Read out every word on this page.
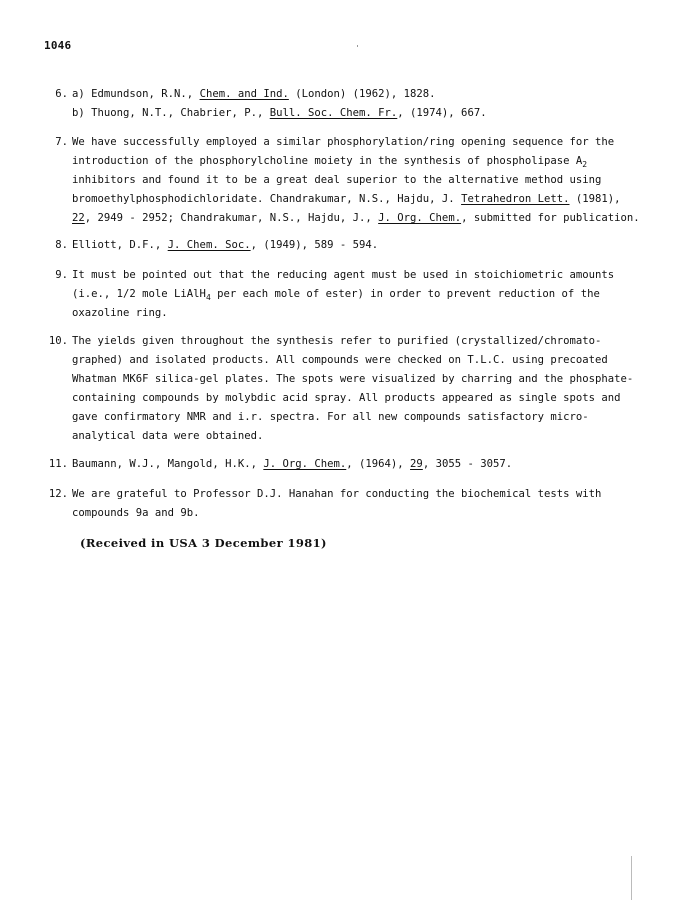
1046
6. a) Edmundson, R.N., Chem. and Ind. (London) (1962), 1828.
b) Thuong, N.T., Chabrier, P., Bull. Soc. Chem. Fr., (1974), 667.
7. We have successfully employed a similar phosphorylation/ring opening sequence for the
introduction of the phosphorylcholine moiety in the synthesis of phospholipase $A_2$
inhibitors and found it to be a great deal superior to the alternative method using
bromoethylphosphodichloridate. Chandrakumar, N.S., Hajdu, J. Tetrahedron Lett. (1981),
22, 2949 - 2952; Chandrakumar, N.S., Hajdu, J., J. Org. Chem., submitted for publication.
8. Elliott, D.F., J. Chem. Soc., (1949), 589 - 594.
9. It must be pointed out that the reducing agent must be used in stoichiometric amounts
(i.e., 1/2 mole LiAlH$_4$ per each mole of ester) in order to prevent reduction of the
oxazoline ring.
10. The yields given throughout the synthesis refer to purified (crystallized/chromato-
graphed) and isolated products. All compounds were checked on T.L.C. using precoated
Whatman MK6F silica-gel plates. The spots were visualized by charring and the phosphate-
containing compounds by molybdic acid spray. All products appeared as single spots and
gave confirmatory NMR and i.r. spectra. For all new compounds satisfactory micro-
analytical data were obtained.
11. Baumann, W.J., Mangold, H.K., J. Org. Chem., (1964), 29, 3055 - 3057.
12. We are grateful to Professor D.J. Hanahan for conducting the biochemical tests with
compounds 9a and 9b.
(Received in USA 3 December 1981)
